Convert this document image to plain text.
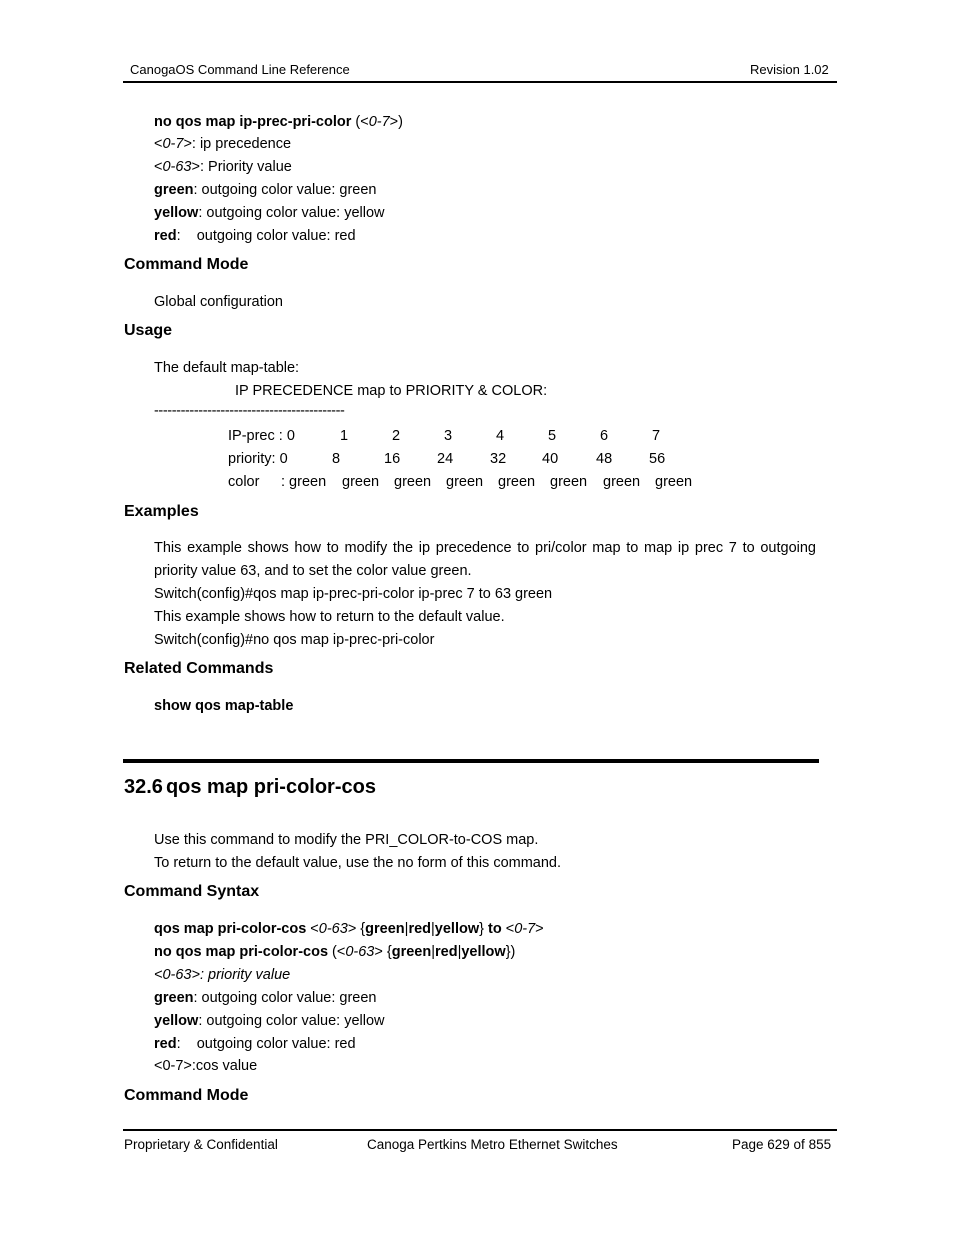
CanogaOS Command Line Reference	Revision 1.02
no qos map ip-prec-pri-color (<0-7>)
<0-7>: ip precedence
<0-63>: Priority value
green: outgoing color value: green
yellow: outgoing color value: yellow
red:    outgoing color value: red
Command Mode
Global configuration
Usage
The default map-table:
IP PRECEDENCE map to PRIORITY & COLOR:
-------------------------------------------
IP-prec : 0	1	2	3	4	5	6	7
priority: 0	8	16	24	32 40	48	56
color : green green green green green green green green
Examples
This example shows how to modify the ip precedence to pri/color map to map ip prec 7 to outgoing
priority value 63, and to set the color value green.
Switch(config)#qos map ip-prec-pri-color ip-prec 7 to 63 green
This example shows how to return to the default value.
Switch(config)#no qos map ip-prec-pri-color
Related Commands
show qos map-table
32.6 qos map pri-color-cos
Use this command to modify the PRI_COLOR-to-COS map.
To return to the default value, use the no form of this command.
Command Syntax
qos map pri-color-cos <0-63> {green|red|yellow} to <0-7>
no qos map pri-color-cos (<0-63> {green|red|yellow})
<0-63>: priority value
green: outgoing color value: green
yellow: outgoing color value: yellow
red:    outgoing color value: red
<0-7>:cos value
Command Mode
Proprietary & Confidential	Canoga Pertkins Metro Ethernet Switches	Page 629 of 855
